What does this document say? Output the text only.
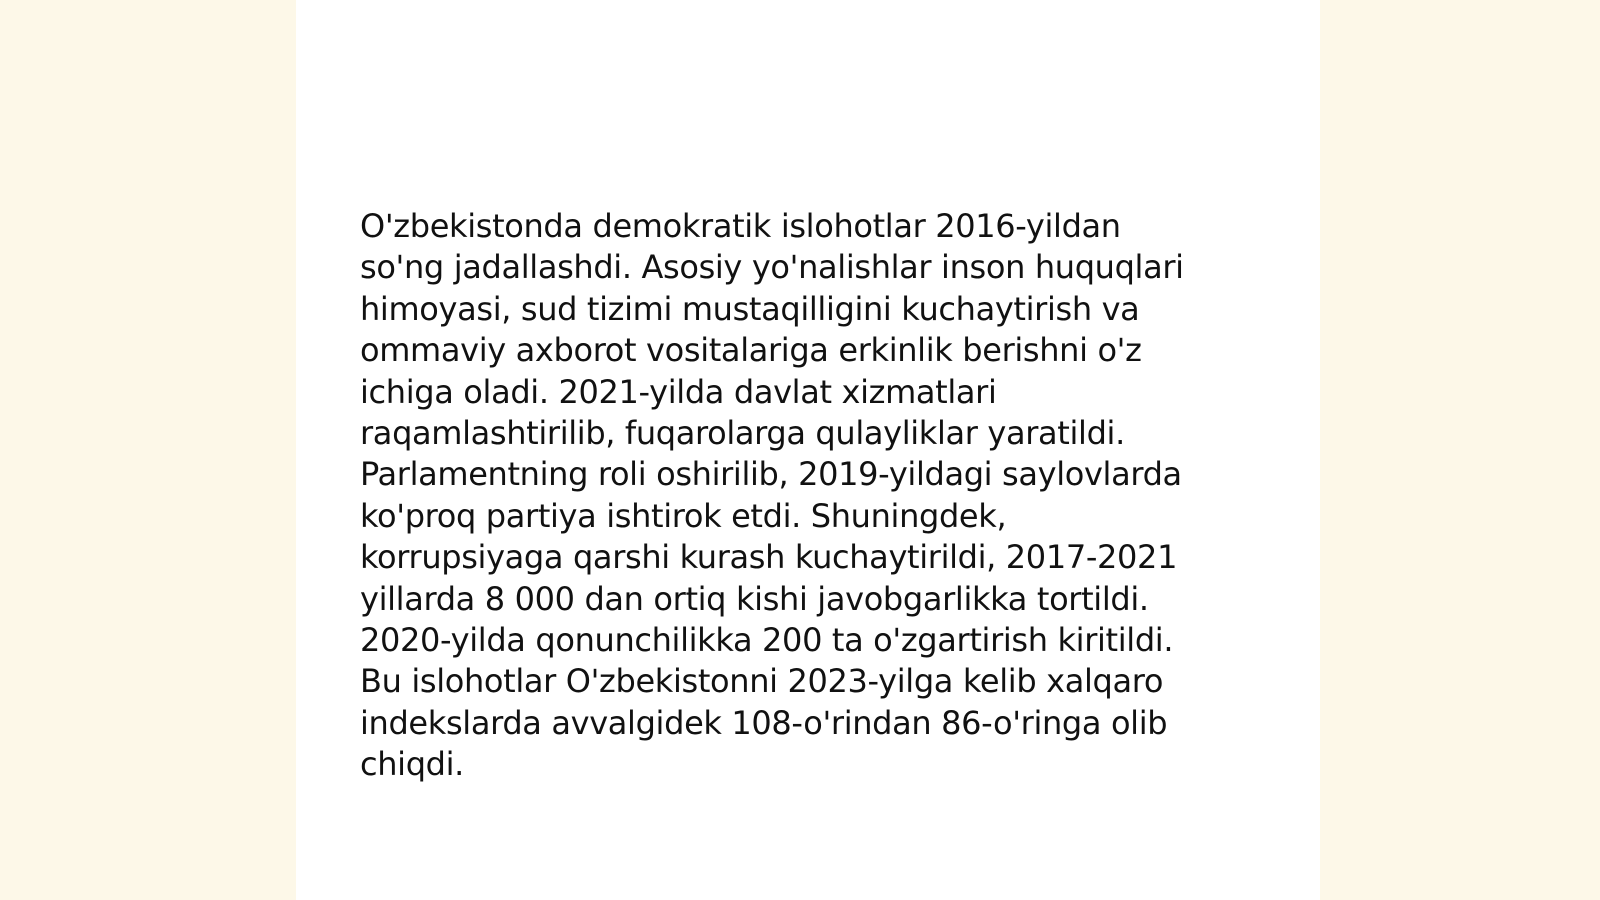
O'zbekistonda demokratik islohotlar 2016-yildan
so'ng jadallashdi. Asosiy yo'nalishlar inson huquqlari
himoyasi, sud tizimi mustaqilligini kuchaytirish va
ommaviy axborot vositalariga erkinlik berishni o'z
ichiga oladi. 2021-yilda davlat xizmatlari
raqamlashtirilib, fuqarolarga qulayliklar yaratildi.
Parlamentning roli oshirilib, 2019-yildagi saylovlarda
ko'proq partiya ishtirok etdi. Shuningdek,
korrupsiyaga qarshi kurash kuchaytirildi, 2017-2021
yillarda 8 000 dan ortiq kishi javobgarlikka tortildi.
2020-yilda qonunchilikka 200 ta o'zgartirish kiritildi.
Bu islohotlar O'zbekistonni 2023-yilga kelib xalqaro
indekslarda avvalgidek 108-o'rindan 86-o'ringa olib
chiqdi.
